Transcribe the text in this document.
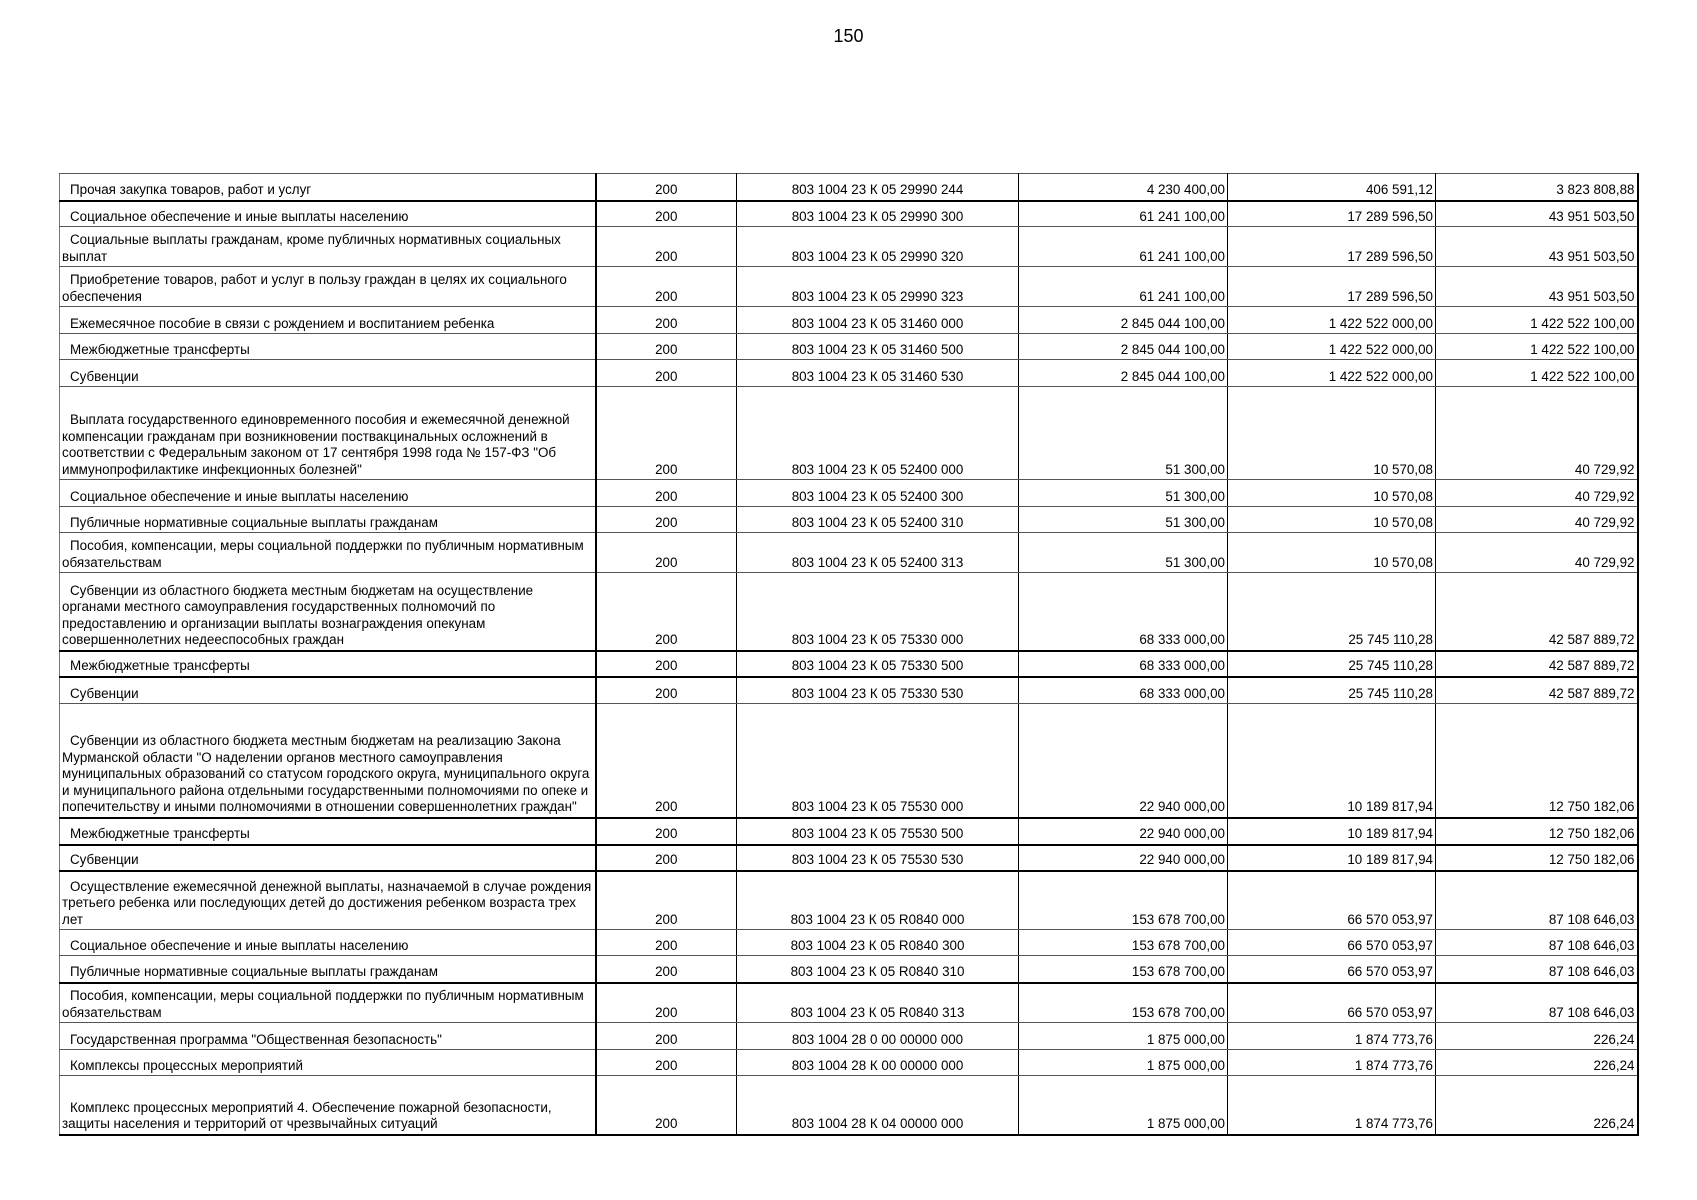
150
Прочая закупка товаров, работ и услуг	200	803 1004 23 К 05 29990 244	4 230 400,00	406 591,12	3 823 808,88
Социальное обеспечение и иные выплаты населению	200	803 1004 23 К 05 29990 300	61 241 100,00	17 289 596,50	43 951 503,50
Социальные выплаты гражданам, кроме публичных нормативных социальных выплат	200	803 1004 23 К 05 29990 320	61 241 100,00	17 289 596,50	43 951 503,50
Приобретение товаров, работ и услуг в пользу граждан в целях их социального обеспечения	200	803 1004 23 К 05 29990 323	61 241 100,00	17 289 596,50	43 951 503,50
Ежемесячное пособие в связи с рождением и воспитанием ребенка	200	803 1004 23 К 05 31460 000	2 845 044 100,00	1 422 522 000,00	1 422 522 100,00
Межбюджетные трансферты	200	803 1004 23 К 05 31460 500	2 845 044 100,00	1 422 522 000,00	1 422 522 100,00
Субвенции	200	803 1004 23 К 05 31460 530	2 845 044 100,00	1 422 522 000,00	1 422 522 100,00
Выплата государственного единовременного пособия и ежемесячной денежной компенсации гражданам при возникновении поствакцинальных осложнений в соответствии с Федеральным законом от 17 сентября 1998 года № 157-ФЗ "Об иммунопрофилактике инфекционных болезней"	200	803 1004 23 К 05 52400 000	51 300,00	10 570,08	40 729,92
Социальное обеспечение и иные выплаты населению	200	803 1004 23 К 05 52400 300	51 300,00	10 570,08	40 729,92
Публичные нормативные социальные выплаты гражданам	200	803 1004 23 К 05 52400 310	51 300,00	10 570,08	40 729,92
Пособия, компенсации, меры социальной поддержки по публичным нормативным обязательствам	200	803 1004 23 К 05 52400 313	51 300,00	10 570,08	40 729,92
Субвенции из областного бюджета местным бюджетам на осуществление органами местного самоуправления государственных полномочий по предоставлению и организации выплаты вознаграждения опекунам совершеннолетних недееспособных граждан	200	803 1004 23 К 05 75330 000	68 333 000,00	25 745 110,28	42 587 889,72
Межбюджетные трансферты	200	803 1004 23 К 05 75330 500	68 333 000,00	25 745 110,28	42 587 889,72
Субвенции	200	803 1004 23 К 05 75330 530	68 333 000,00	25 745 110,28	42 587 889,72
Субвенции из областного бюджета местным бюджетам на реализацию Закона Мурманской области "О наделении органов местного самоуправления муниципальных образований со статусом городского округа, муниципального округа и муниципального района отдельными государственными полномочиями по опеке и попечительству и иными полномочиями в отношении совершеннолетних граждан"	200	803 1004 23 К 05 75530 000	22 940 000,00	10 189 817,94	12 750 182,06
Межбюджетные трансферты	200	803 1004 23 К 05 75530 500	22 940 000,00	10 189 817,94	12 750 182,06
Субвенции	200	803 1004 23 К 05 75530 530	22 940 000,00	10 189 817,94	12 750 182,06
Осуществление ежемесячной денежной выплаты, назначаемой в случае рождения третьего ребенка или последующих детей до достижения ребенком возраста трех лет	200	803 1004 23 К 05 R0840 000	153 678 700,00	66 570 053,97	87 108 646,03
Социальное обеспечение и иные выплаты населению	200	803 1004 23 К 05 R0840 300	153 678 700,00	66 570 053,97	87 108 646,03
Публичные нормативные социальные выплаты гражданам	200	803 1004 23 К 05 R0840 310	153 678 700,00	66 570 053,97	87 108 646,03
Пособия, компенсации, меры социальной поддержки по публичным нормативным обязательствам	200	803 1004 23 К 05 R0840 313	153 678 700,00	66 570 053,97	87 108 646,03
Государственная программа "Общественная безопасность"	200	803 1004 28 0 00 00000 000	1 875 000,00	1 874 773,76	226,24
Комплексы процессных мероприятий	200	803 1004 28 К 00 00000 000	1 875 000,00	1 874 773,76	226,24
Комплекс процессных мероприятий 4. Обеспечение пожарной безопасности, защиты населения и территорий от чрезвычайных ситуаций	200	803 1004 28 К 04 00000 000	1 875 000,00	1 874 773,76	226,24
